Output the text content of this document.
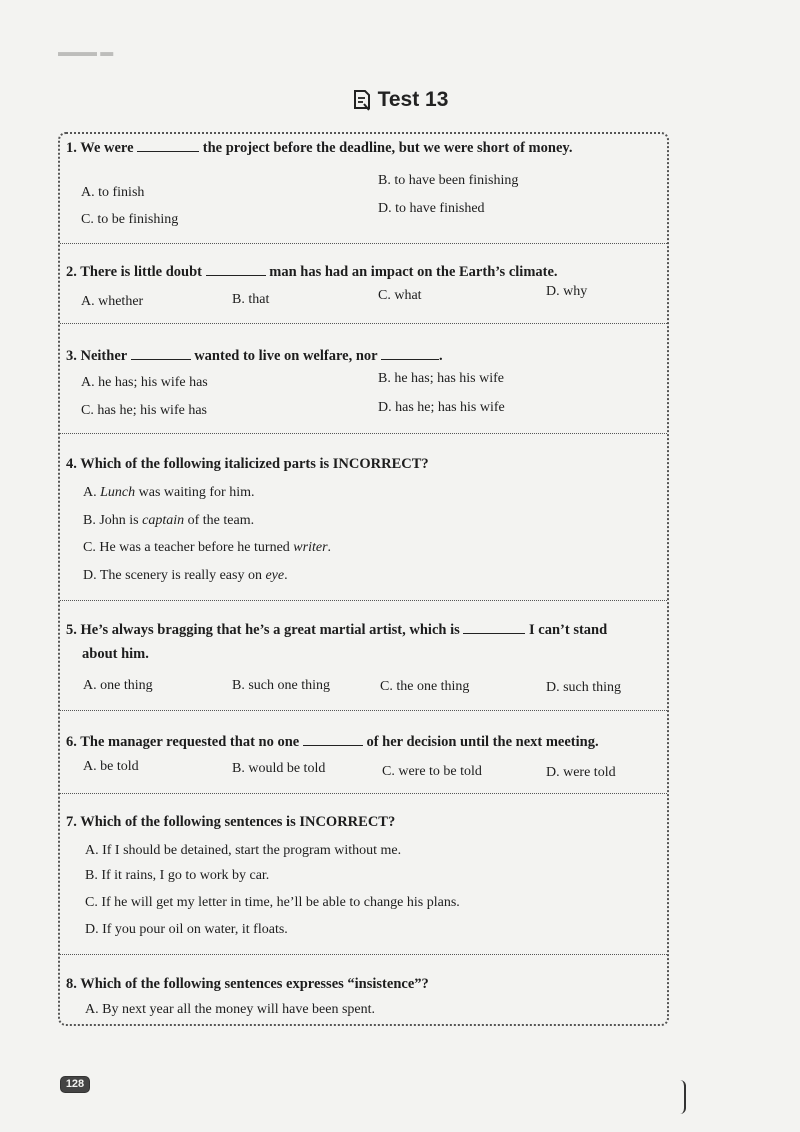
▬▬▬ ▬
Test 13
1. We were	the project before the deadline, but we were short of money.
A. to finish
B. to have been finishing
C. to be finishing
D. to have finished
2. There is little doubt	man has had an impact on the Earth’s climate.
A. whether	B. that	C. what	D. why
3. Neither	wanted to live on welfare, nor	.
A. he has; his wife has	B. he has; has his wife
C. has he; his wife has	D. has he; has his wife
4. Which of the following italicized parts is INCORRECT?
A. Lunch was waiting for him.
B. John is captain of the team.
C. He was a teacher before he turned writer.
D. The scenery is really easy on eye.
5. He’s always bragging that he’s a great martial artist, which is	I can’t stand
about him.
A. one thing	B. such one thing	C. the one thing	D. such thing
6. The manager requested that no one	of her decision until the next meeting.
A. be told	B. would be told	C. were to be told	D. were told
7. Which of the following sentences is INCORRECT?
A. If I should be detained, start the program without me.
B. If it rains, I go to work by car.
C. If he will get my letter in time, he’ll be able to change his plans.
D. If you pour oil on water, it floats.
8. Which of the following sentences expresses “insistence”?
A. By next year all the money will have been spent.
128
